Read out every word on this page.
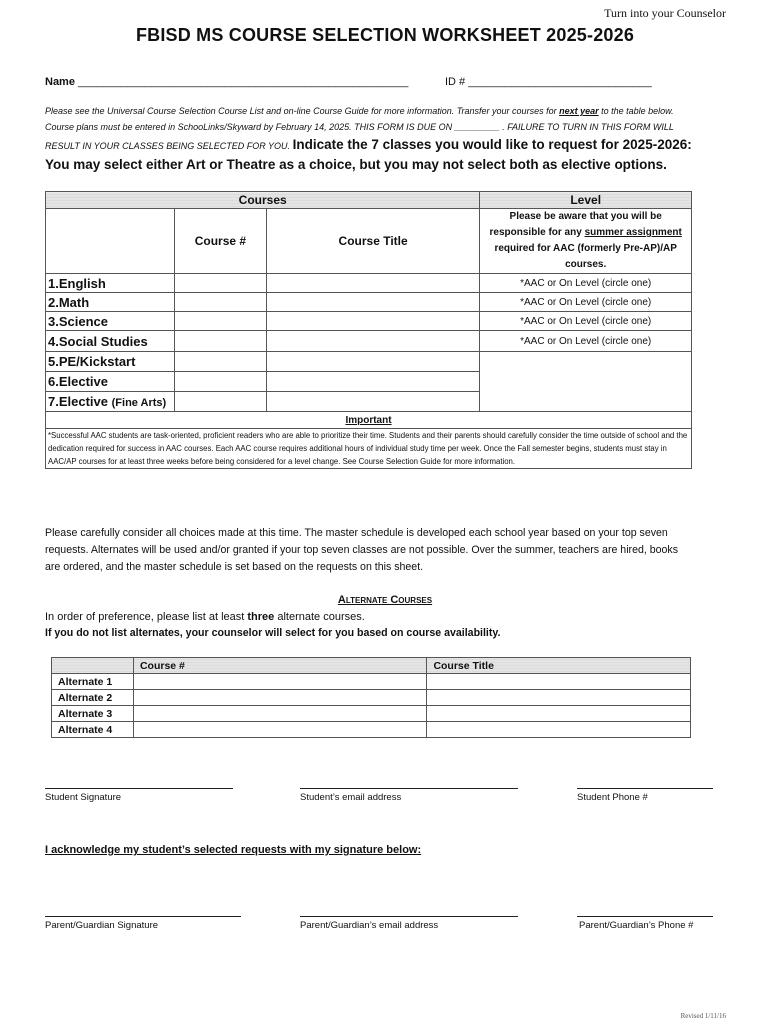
Turn into your Counselor
FBISD MS COURSE SELECTION WORKSHEET 2025-2026
Name ______________________________________________________	ID # ______________________________
Please see the Universal Course Selection Course List and on-line Course Guide for more information. Transfer your courses for next year to the table below. Course plans must be entered in SchooLinks/Skyward by February 14, 2025. THIS FORM IS DUE ON _________ . FAILURE TO TURN IN THIS FORM WILL RESULT IN YOUR CLASSES BEING SELECTED FOR YOU. Indicate the 7 classes you would like to request for 2025-2026: You may select either Art or Theatre as a choice, but you may not select both as elective options.
Courses			Level
	Course #	Course Title	Please be aware that you will be responsible for any summer assignment required for AAC (formerly Pre-AP)/AP courses.
1.English			*AAC or On Level (circle one)
2.Math			*AAC or On Level (circle one)
3.Science			*AAC or On Level (circle one)
4.Social Studies			*AAC or On Level (circle one)
5.PE/Kickstart			
6.Elective			
7.Elective (Fine Arts)			
Important			
*Successful AAC students are task-oriented, proficient readers who are able to prioritize their time. Students and their parents should carefully consider the time outside of school and the dedication required for success in AAC courses. Each AAC course requires additional hours of individual study time per week. Once the Fall semester begins, students must stay in AAC/AP courses for at least three weeks before being considered for a level change. See Course Selection Guide for more information.			
Please carefully consider all choices made at this time. The master schedule is developed each school year based on your top seven requests. Alternates will be used and/or granted if your top seven classes are not possible. Over the summer, teachers are hired, books are ordered, and the master schedule is set based on the requests on this sheet.
Alternate Courses
In order of preference, please list at least three alternate courses.
If you do not list alternates, your counselor will select for you based on course availability.
	Course #	Course Title
Alternate 1		
Alternate 2		
Alternate 3		
Alternate 4		
Student Signature	Student’s email address	Student Phone #
I acknowledge my student’s selected requests with my signature below:
Parent/Guardian Signature	Parent/Guardian’s email address	Parent/Guardian’s Phone #
Revised 1/11/16
